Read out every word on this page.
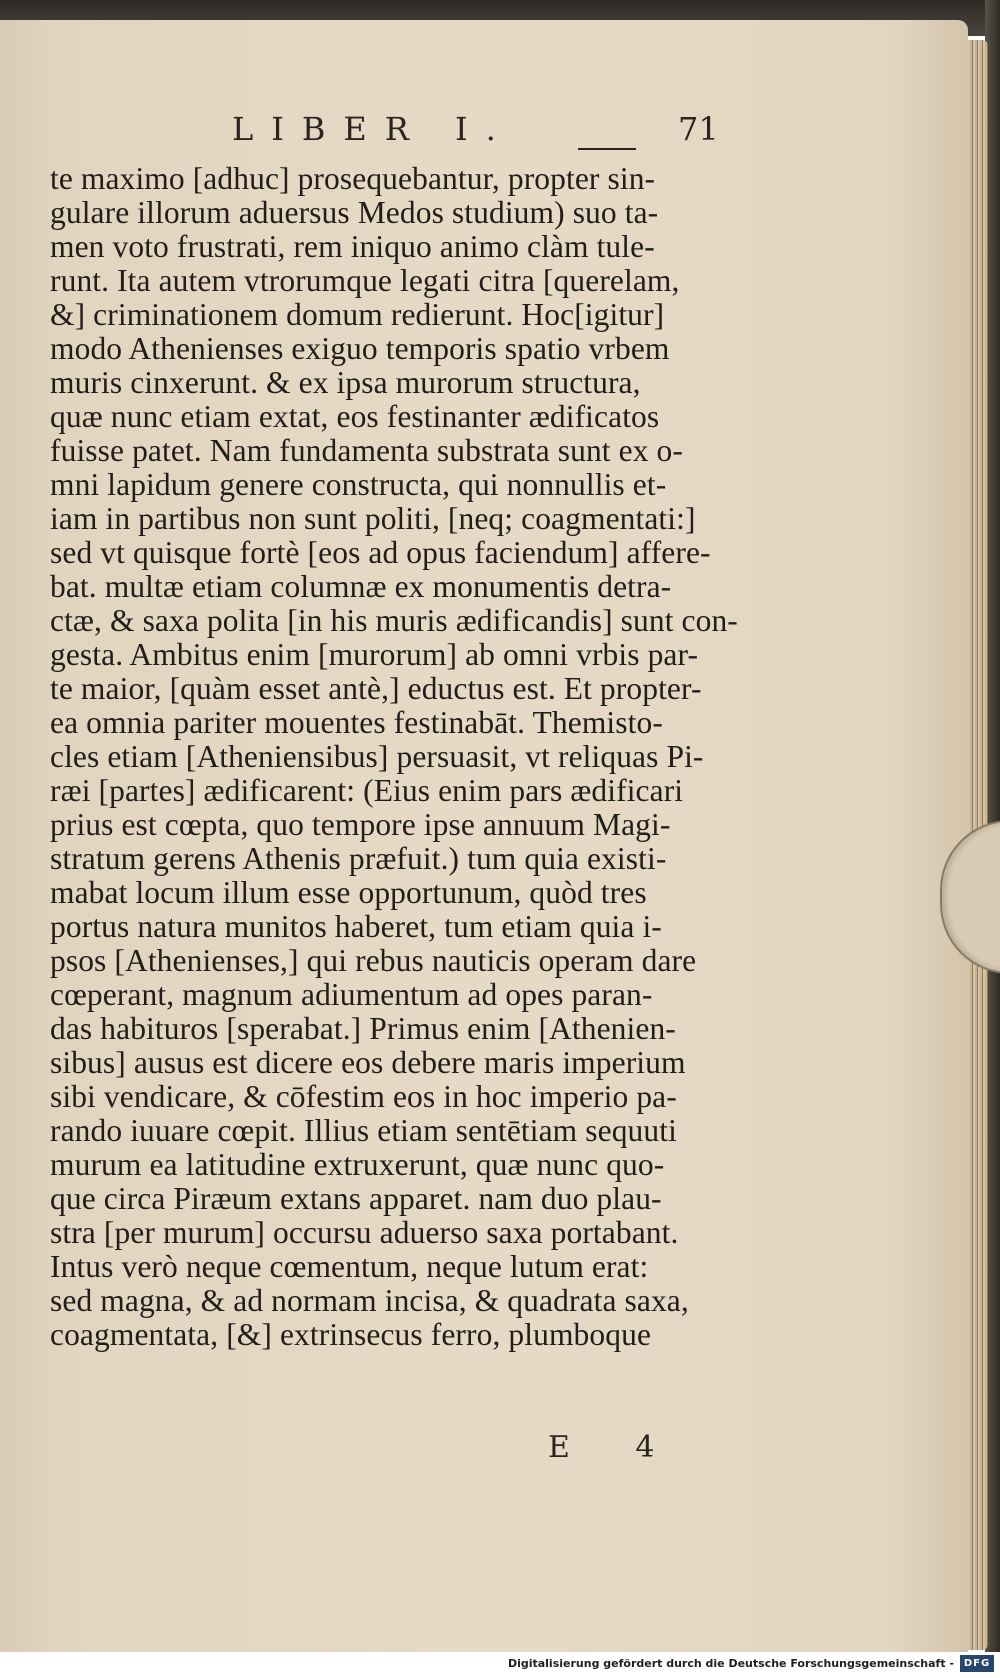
LIBER I.	71
te maximo [adhuc] prosequebantur, propter sin-
gulare illorum aduersus Medos studium) suo ta-
men voto frustrati, rem iniquo animo clàm tule-
runt. Ita autem vtrorumque legati citra [querelam,
&] criminationem domum redierunt. Hoc[igitur]
modo Athenienses exiguo temporis spatio vrbem
muris cinxerunt. & ex ipsa murorum structura,
quæ nunc etiam extat, eos festinanter ædificatos
fuisse patet. Nam fundamenta substrata sunt ex o-
mni lapidum genere constructa, qui nonnullis et-
iam in partibus non sunt politi, [neq; coagmentati:]
sed vt quisque fortè [eos ad opus faciendum] affere-
bat. multæ etiam columnæ ex monumentis detra-
ctæ, & saxa polita [in his muris ædificandis] sunt con-
gesta. Ambitus enim [murorum] ab omni vrbis par-
te maior, [quàm esset antè,] eductus est. Et propter-
ea omnia pariter mouentes festinabāt. Themisto-
cles etiam [Atheniensibus] persuasit, vt reliquas Pi-
ræi [partes] ædificarent: (Eius enim pars ædificari
prius est cœpta, quo tempore ipse annuum Magi-
stratum gerens Athenis præfuit.) tum quia existi-
mabat locum illum esse opportunum, quòd tres
portus natura munitos haberet, tum etiam quia i-
psos [Athenienses,] qui rebus nauticis operam dare
cœperant, magnum adiumentum ad opes paran-
das habituros [sperabat.] Primus enim [Athenien-
sibus] ausus est dicere eos debere maris imperium
sibi vendicare, & cōfestim eos in hoc imperio pa-
rando iuuare cœpit. Illius etiam sentētiam sequuti
murum ea latitudine extruxerunt, quæ nunc quo-
que circa Piræum extans apparet. nam duo plau-
stra [per murum] occursu aduerso saxa portabant.
Intus verò neque cœmentum, neque lutum erat:
sed magna, & ad normam incisa, & quadrata saxa,
coagmentata, [&] extrinsecus ferro, plumboque
E 4
Digitalisierung gefördert durch die Deutsche Forschungsgemeinschaft - DFG
